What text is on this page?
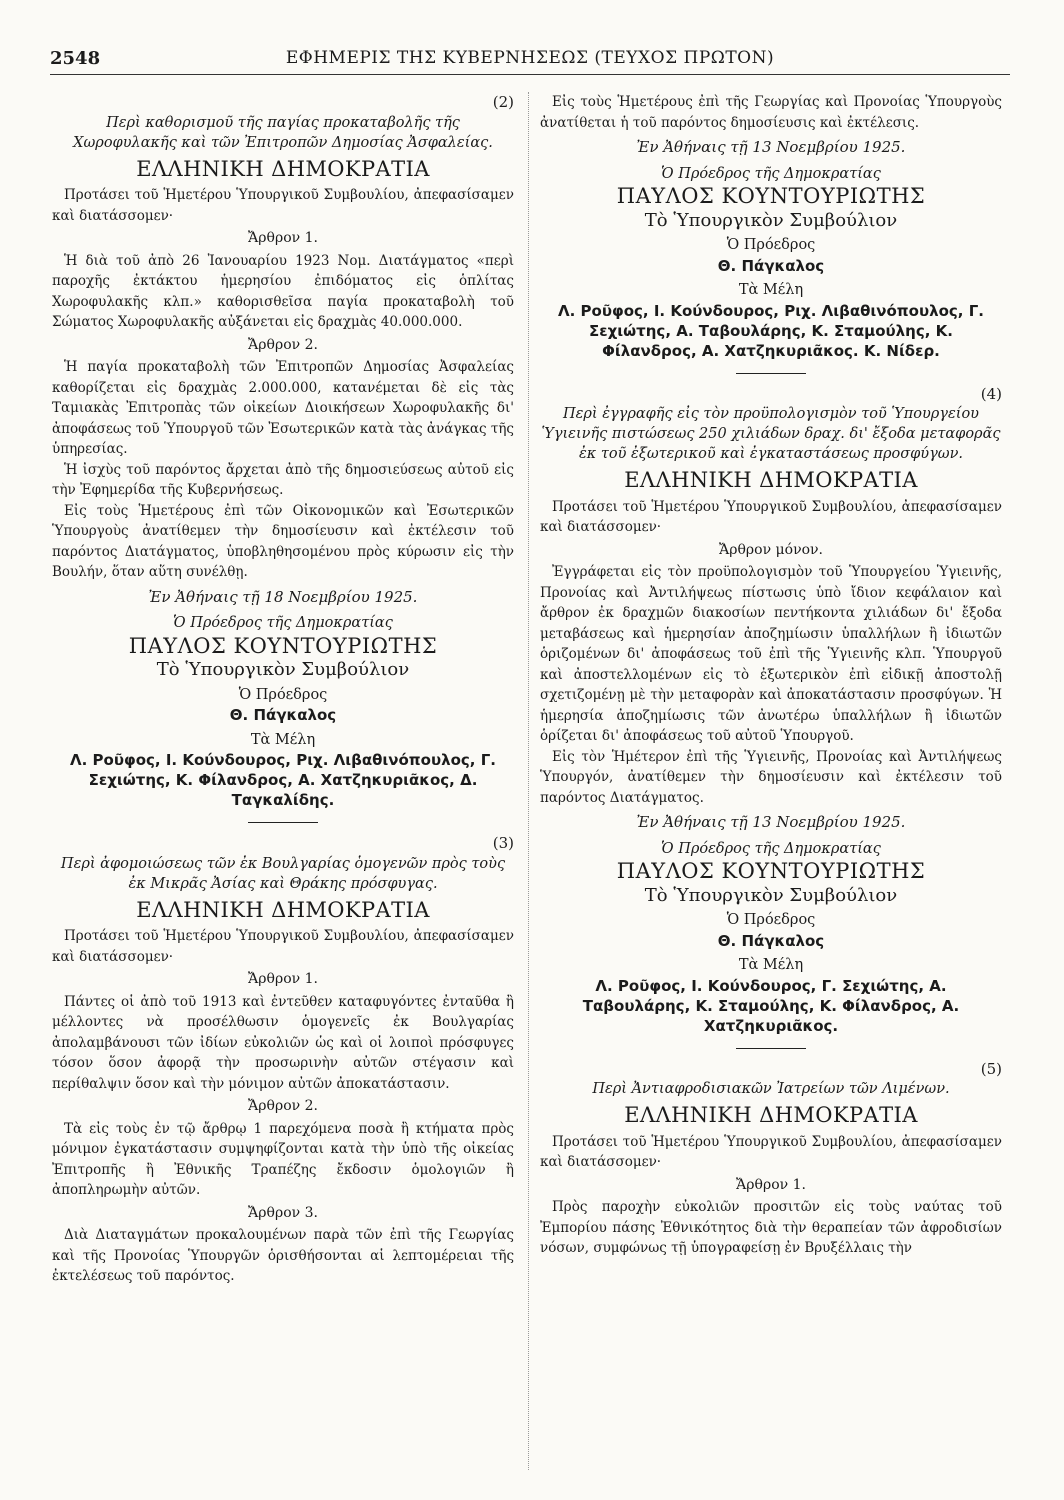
2548	ΕΦΗΜΕΡΙΣ ΤΗΣ ΚΥΒΕΡΝΗΣΕΩΣ (ΤΕΥΧΟΣ ΠΡΩΤΟΝ)
(2)

Περὶ καθορισμοῦ τῆς παγίας προκαταβολῆς τῆς Χωροφυλακῆς καὶ τῶν Ἐπιτροπῶν Δημοσίας Ἀσφαλείας.

ΕΛΛΗΝΙΚΗ ΔΗΜΟΚΡΑΤΙΑ

Προτάσει τοῦ Ἡμετέρου Ὑπουργικοῦ Συμβουλίου, ἀπεφασίσαμεν καὶ διατάσσομεν·

Ἄρθρον 1.

Ἡ διὰ τοῦ ἀπὸ 26 Ἰανουαρίου 1923 Νομ. Διατάγματος «περὶ παροχῆς ἐκτάκτου ἡμερησίου ἐπιδόματος εἰς ὁπλίτας Χωροφυλακῆς κλπ.» καθορισθεῖσα παγία προκαταβολὴ τοῦ Σώματος Χωροφυλακῆς αὐξάνεται εἰς δραχμὰς 40.000.000.

Ἄρθρον 2.

Ἡ παγία προκαταβολὴ τῶν Ἐπιτροπῶν Δημοσίας Ἀσφαλείας καθορίζεται εἰς δραχμὰς 2.000.000, κατανέμεται δὲ εἰς τὰς Ταμιακὰς Ἐπιτροπὰς τῶν οἰκείων Διοικήσεων Χωροφυλακῆς δι' ἀποφάσεως τοῦ Ὑπουργοῦ τῶν Ἐσωτερικῶν κατὰ τὰς ἀνάγκας τῆς ὑπηρεσίας.

Ἡ ἰσχὺς τοῦ παρόντος ἄρχεται ἀπὸ τῆς δημοσιεύσεως αὐτοῦ εἰς τὴν Ἐφημερίδα τῆς Κυβερνήσεως.

Εἰς τοὺς Ἡμετέρους ἐπὶ τῶν Οἰκονομικῶν καὶ Ἐσωτερικῶν Ὑπουργοὺς ἀνατίθεμεν τὴν δημοσίευσιν καὶ ἐκτέλεσιν τοῦ παρόντος Διατάγματος, ὑποβληθησομένου πρὸς κύρωσιν εἰς τὴν Βουλήν, ὅταν αὕτη συνέλθῃ.

Ἐν Ἀθήναις τῇ 18 Νοεμβρίου 1925.
Ὁ Πρόεδρος τῆς Δημοκρατίας
ΠΑΥΛΟΣ ΚΟΥΝΤΟΥΡΙΩΤΗΣ
Τὸ Ὑπουργικὸν Συμβούλιον
Ὁ Πρόεδρος
Θ. Πάγκαλος
Τὰ Μέλη
Λ. Ροῦφος, Ι. Κούνδουρος, Ριχ. Λιβαθινόπουλος, Γ. Σεχιώτης, Κ. Φίλανδρος, Α. Χατζηκυριᾶκος, Δ. Ταγκαλίδης.
(3)

Περὶ ἀφομοιώσεως τῶν ἐκ Βουλγαρίας ὁμογενῶν πρὸς τοὺς ἐκ Μικρᾶς Ἀσίας καὶ Θράκης πρόσφυγας.

ΕΛΛΗΝΙΚΗ ΔΗΜΟΚΡΑΤΙΑ

Προτάσει τοῦ Ἡμετέρου Ὑπουργικοῦ Συμβουλίου, ἀπεφασίσαμεν καὶ διατάσσομεν·

Ἄρθρον 1.

Πάντες οἱ ἀπὸ τοῦ 1913 καὶ ἐντεῦθεν καταφυγόντες ἐνταῦθα ἢ μέλλοντες νὰ προσέλθωσιν ὁμογενεῖς ἐκ Βουλγαρίας ἀπολαμβάνουσι τῶν ἰδίων εὐκολιῶν ὡς καὶ οἱ λοιποὶ πρόσφυγες τόσον ὅσον ἀφορᾷ τὴν προσωρινὴν αὐτῶν στέγασιν καὶ περίθαλψιν ὅσον καὶ τὴν μόνιμον αὐτῶν ἀποκατάστασιν.

Ἄρθρον 2.

Τὰ εἰς τοὺς ἐν τῷ ἄρθρῳ 1 παρεχόμενα ποσὰ ἢ κτήματα πρὸς μόνιμον ἐγκατάστασιν συμψηφίζονται κατὰ τὴν ὑπὸ τῆς οἰκείας Ἐπιτροπῆς ἢ Ἐθνικῆς Τραπέζης ἔκδοσιν ὁμολογιῶν ἢ ἀποπληρωμὴν αὐτῶν.

Ἄρθρον 3.

Διὰ Διαταγμάτων προκαλουμένων παρὰ τῶν ἐπὶ τῆς Γεωργίας καὶ τῆς Προνοίας Ὑπουργῶν ὁρισθήσονται αἱ λεπτομέρειαι τῆς ἐκτελέσεως τοῦ παρόντος.

Εἰς τοὺς Ἡμετέρους ἐπὶ τῆς Γεωργίας καὶ Προνοίας Ὑπουργοὺς ἀνατίθεται ἡ τοῦ παρόντος δημοσίευσις καὶ ἐκτέλεσις.

Ἐν Ἀθήναις τῇ 13 Νοεμβρίου 1925.
Ὁ Πρόεδρος τῆς Δημοκρατίας
ΠΑΥΛΟΣ ΚΟΥΝΤΟΥΡΙΩΤΗΣ
Τὸ Ὑπουργικὸν Συμβούλιον
Ὁ Πρόεδρος
Θ. Πάγκαλος
Τὰ Μέλη
Λ. Ροῦφος, Ι. Κούνδουρος, Ριχ. Λιβαθινόπουλος, Γ. Σεχιώτης, Α. Ταβουλάρης, Κ. Σταμούλης, Κ. Φίλανδρος, Α. Χατζηκυριᾶκος. Κ. Νίδερ.
(4)

Περὶ ἐγγραφῆς εἰς τὸν προϋπολογισμὸν τοῦ Ὑπουργείου Ὑγιεινῆς πιστώσεως 250 χιλιάδων δραχ. δι' ἔξοδα μεταφορᾶς ἐκ τοῦ ἐξωτερικοῦ καὶ ἐγκαταστάσεως προσφύγων.

ΕΛΛΗΝΙΚΗ ΔΗΜΟΚΡΑΤΙΑ

Προτάσει τοῦ Ἡμετέρου Ὑπουργικοῦ Συμβουλίου, ἀπεφασίσαμεν καὶ διατάσσομεν·

Ἄρθρον μόνον.

Ἐγγράφεται εἰς τὸν προϋπολογισμὸν τοῦ Ὑπουργείου Ὑγιεινῆς, Προνοίας καὶ Ἀντιλήψεως πίστωσις ὑπὸ ἴδιον κεφάλαιον καὶ ἄρθρον ἐκ δραχμῶν διακοσίων πεντήκοντα χιλιάδων δι' ἔξοδα μεταβάσεως καὶ ἡμερησίαν ἀποζημίωσιν ὑπαλλήλων ἢ ἰδιωτῶν ὁριζομένων δι' ἀποφάσεως τοῦ ἐπὶ τῆς Ὑγιεινῆς κλπ. Ὑπουργοῦ καὶ ἀποστελλομένων εἰς τὸ ἐξωτερικὸν ἐπὶ εἰδικῇ ἀποστολῇ σχετιζομένῃ μὲ τὴν μεταφορὰν καὶ ἀποκατάστασιν προσφύγων. Ἡ ἡμερησία ἀποζημίωσις τῶν ἀνωτέρω ὑπαλλήλων ἢ ἰδιωτῶν ὁρίζεται δι' ἀποφάσεως τοῦ αὐτοῦ Ὑπουργοῦ.

Εἰς τὸν Ἡμέτερον ἐπὶ τῆς Ὑγιεινῆς, Προνοίας καὶ Ἀντιλήψεως Ὑπουργόν, ἀνατίθεμεν τὴν δημοσίευσιν καὶ ἐκτέλεσιν τοῦ παρόντος Διατάγματος.

Ἐν Ἀθήναις τῇ 13 Νοεμβρίου 1925.
Ὁ Πρόεδρος τῆς Δημοκρατίας
ΠΑΥΛΟΣ ΚΟΥΝΤΟΥΡΙΩΤΗΣ
Τὸ Ὑπουργικὸν Συμβούλιον
Ὁ Πρόεδρος
Θ. Πάγκαλος
Τὰ Μέλη
Λ. Ροῦφος, Ι. Κούνδουρος, Γ. Σεχιώτης, Α. Ταβουλάρης, Κ. Σταμούλης, Κ. Φίλανδρος, Α. Χατζηκυριᾶκος.
(5)

Περὶ Ἀντιαφροδισιακῶν Ἰατρείων τῶν Λιμένων.

ΕΛΛΗΝΙΚΗ ΔΗΜΟΚΡΑΤΙΑ

Προτάσει τοῦ Ἡμετέρου Ὑπουργικοῦ Συμβουλίου, ἀπεφασίσαμεν καὶ διατάσσομεν·

Ἄρθρον 1.

Πρὸς παροχὴν εὐκολιῶν προσιτῶν εἰς τοὺς ναύτας τοῦ Ἐμπορίου πάσης Ἐθνικότητος διὰ τὴν θεραπείαν τῶν ἀφροδισίων νόσων, συμφώνως τῇ ὑπογραφείσῃ ἐν Βρυξέλλαις τὴν
